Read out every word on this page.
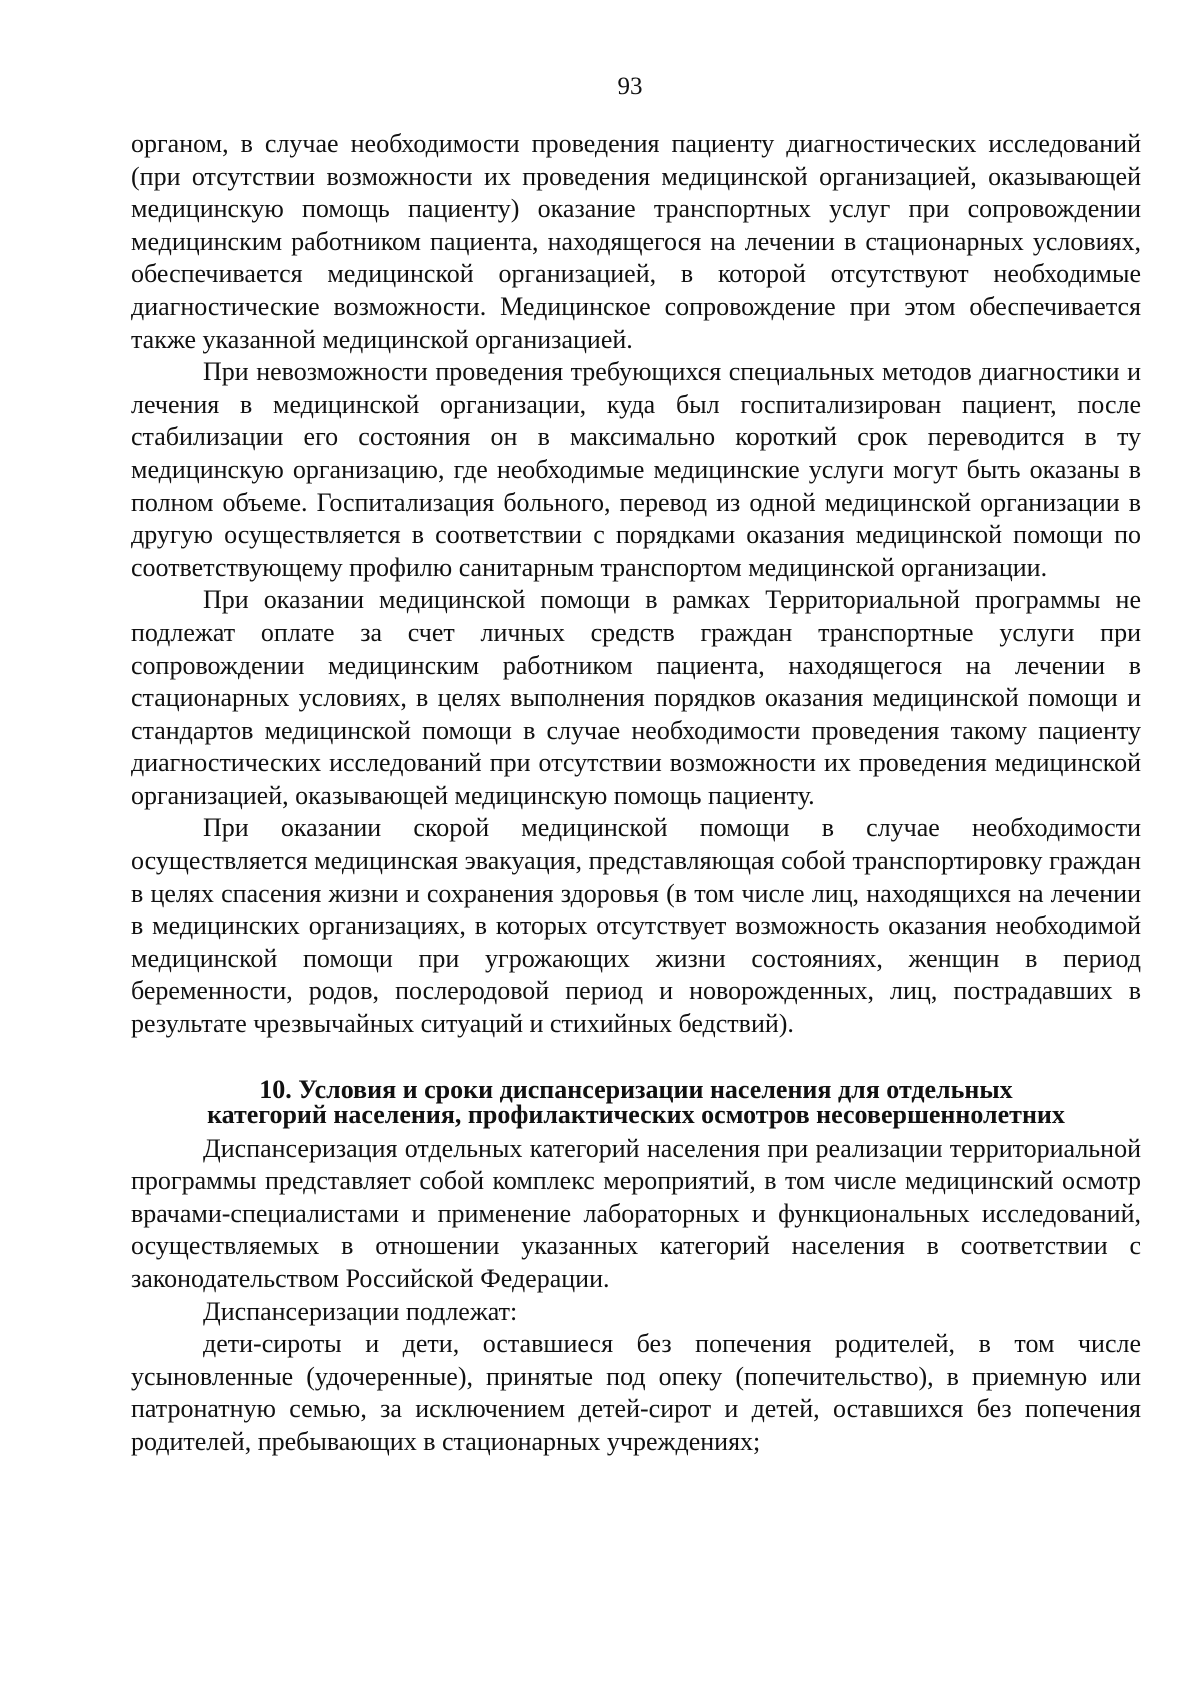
93

органом, в случае необходимости проведения пациенту диагностических исследований (при отсутствии возможности их проведения медицинской организацией, оказывающей медицинскую помощь пациенту) оказание транспортных услуг при сопровождении медицинским работником пациента, находящегося на лечении в стационарных условиях, обеспечивается медицинской организацией, в которой отсутствуют необходимые диагностические возможности. Медицинское сопровождение при этом обеспечивается также указанной медицинской организацией.

При невозможности проведения требующихся специальных методов диагностики и лечения в медицинской организации, куда был госпитализирован пациент, после стабилизации его состояния он в максимально короткий срок переводится в ту медицинскую организацию, где необходимые медицинские услуги могут быть оказаны в полном объеме. Госпитализация больного, перевод из одной медицинской организации в другую осуществляется в соответствии с порядками оказания медицинской помощи по соответствующему профилю санитарным транспортом медицинской организации.

При оказании медицинской помощи в рамках Территориальной программы не подлежат оплате за счет личных средств граждан транспортные услуги при сопровождении медицинским работником пациента, находящегося на лечении в стационарных условиях, в целях выполнения порядков оказания медицинской помощи и стандартов медицинской помощи в случае необходимости проведения такому пациенту диагностических исследований при отсутствии возможности их проведения медицинской организацией, оказывающей медицинскую помощь пациенту.

При оказании скорой медицинской помощи в случае необходимости осуществляется медицинская эвакуация, представляющая собой транспортировку граждан в целях спасения жизни и сохранения здоровья (в том числе лиц, находящихся на лечении в медицинских организациях, в которых отсутствует возможность оказания необходимой медицинской помощи при угрожающих жизни состояниях, женщин в период беременности, родов, послеродовой период и новорожденных, лиц, пострадавших в результате чрезвычайных ситуаций и стихийных бедствий).

10. Условия и сроки диспансеризации населения для отдельных
категорий населения, профилактических осмотров несовершеннолетних

Диспансеризация отдельных категорий населения при реализации территориальной программы представляет собой комплекс мероприятий, в том числе медицинский осмотр врачами-специалистами и применение лабораторных и функциональных исследований, осуществляемых в отношении указанных категорий населения в соответствии с законодательством Российской Федерации.

Диспансеризации подлежат:

дети-сироты и дети, оставшиеся без попечения родителей, в том числе усыновленные (удочеренные), принятые под опеку (попечительство), в приемную или патронатную семью, за исключением детей-сирот и детей, оставшихся без попечения родителей, пребывающих в стационарных учреждениях;
